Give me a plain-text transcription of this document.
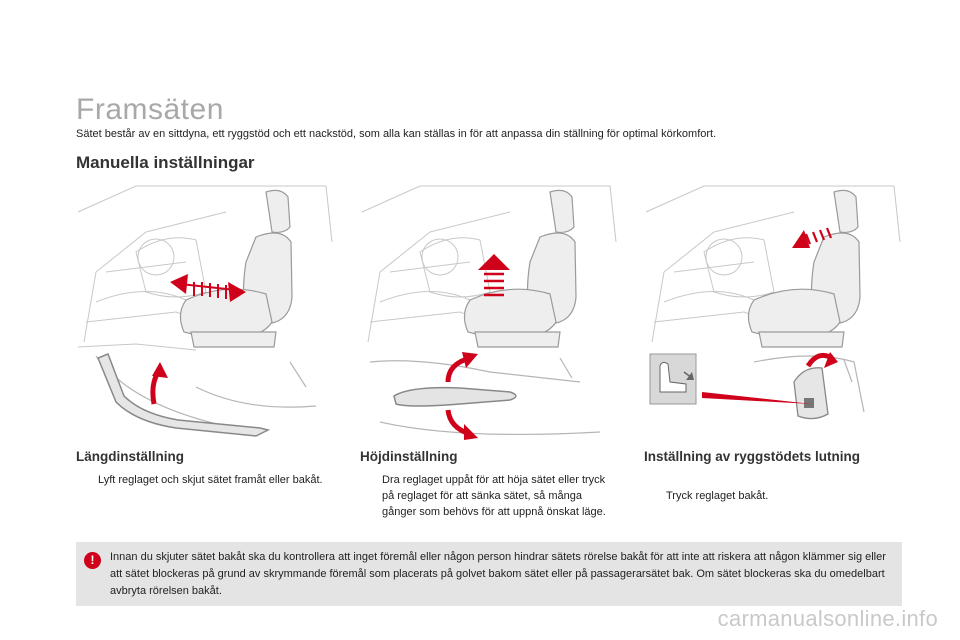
Framsäten

Sätet består av en sittdyna, ett ryggstöd och ett nackstöd, som alla kan ställas in för att anpassa din ställning för optimal körkomfort.

Manuella inställningar
Längdinställning
Lyft reglaget och skjut sätet framåt eller bakåt.
Höjdinställning
Dra reglaget uppåt för att höja sätet eller tryck på reglaget för att sänka sätet, så många gånger som behövs för att uppnå önskat läge.
Inställning av ryggstödets lutning
Tryck reglaget bakåt.
!	Innan du skjuter sätet bakåt ska du kontrollera att inget föremål eller någon person hindrar sätets rörelse bakåt för att inte att riskera att någon klämmer sig eller att sätet blockeras på grund av skrymmande föremål som placerats på golvet bakom sätet eller på passagerarsätet bak. Om sätet blockeras ska du omedelbart avbryta rörelsen bakåt.

carmanualsonline.info
